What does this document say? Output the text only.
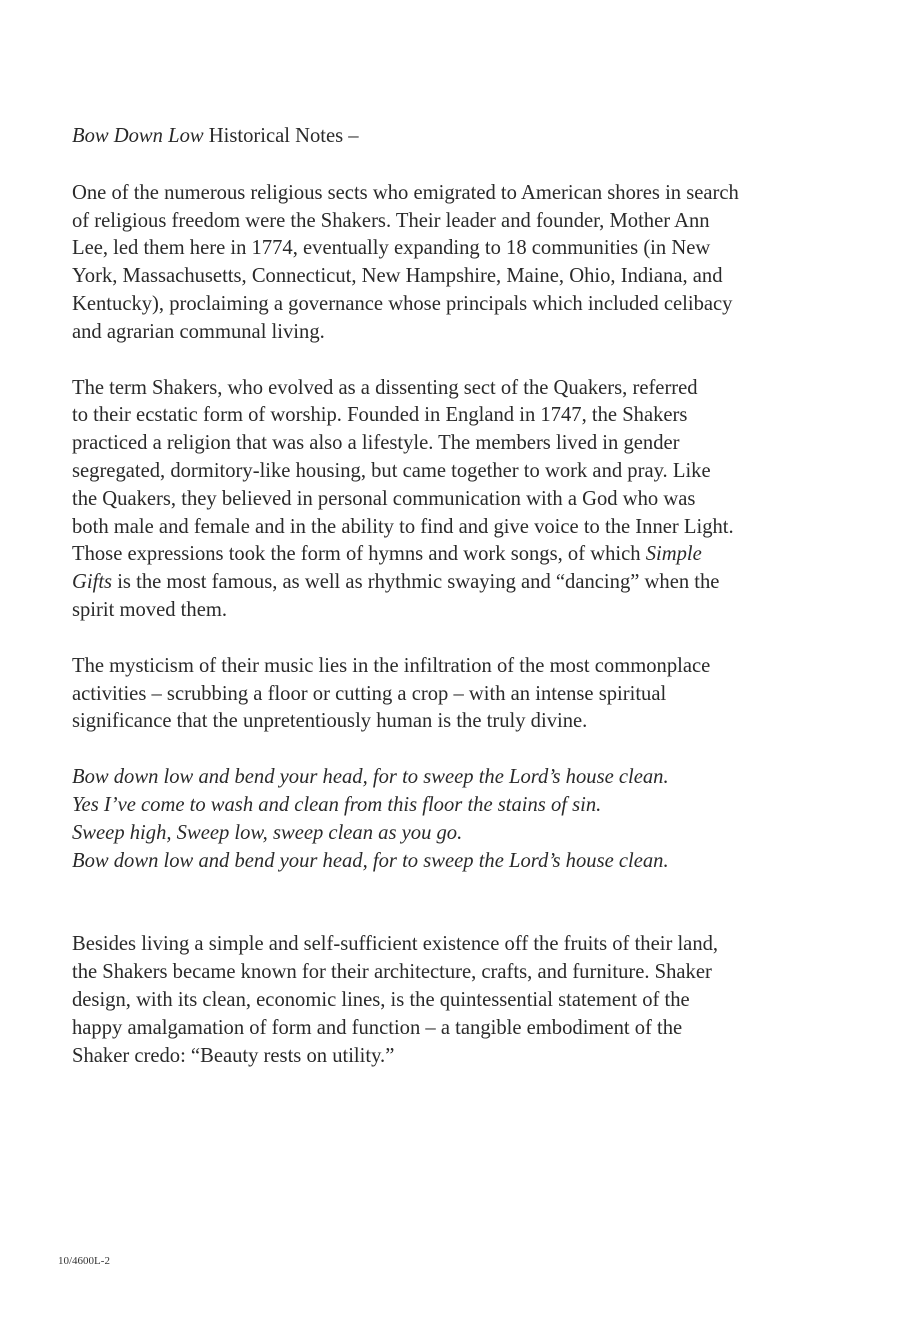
Bow Down Low Historical Notes –
One of the numerous religious sects who emigrated to American shores in search
of religious freedom were the Shakers. Their leader and founder, Mother Ann
Lee, led them here in 1774, eventually expanding to 18 communities (in New
York, Massachusetts, Connecticut, New Hampshire, Maine, Ohio, Indiana, and
Kentucky), proclaiming a governance whose principals which included celibacy
and agrarian communal living.
The term Shakers, who evolved as a dissenting sect of the Quakers, referred
to their ecstatic form of worship. Founded in England in 1747, the Shakers
practiced a religion that was also a lifestyle. The members lived in gender
segregated, dormitory-like housing, but came together to work and pray. Like
the Quakers, they believed in personal communication with a God who was
both male and female and in the ability to find and give voice to the Inner Light.
Those expressions took the form of hymns and work songs, of which Simple
Gifts is the most famous, as well as rhythmic swaying and “dancing” when the
spirit moved them.
The mysticism of their music lies in the infiltration of the most commonplace
activities – scrubbing a floor or cutting a crop – with an intense spiritual
significance that the unpretentiously human is the truly divine.
Bow down low and bend your head, for to sweep the Lord’s house clean.
Yes I’ve come to wash and clean from this floor the stains of sin.
Sweep high, Sweep low, sweep clean as you go.
Bow down low and bend your head, for to sweep the Lord’s house clean.
Besides living a simple and self-sufficient existence off the fruits of their land,
the Shakers became known for their architecture, crafts, and furniture. Shaker
design, with its clean, economic lines, is the quintessential statement of the
happy amalgamation of form and function – a tangible embodiment of the
Shaker credo: “Beauty rests on utility.”
10/4600L-2
